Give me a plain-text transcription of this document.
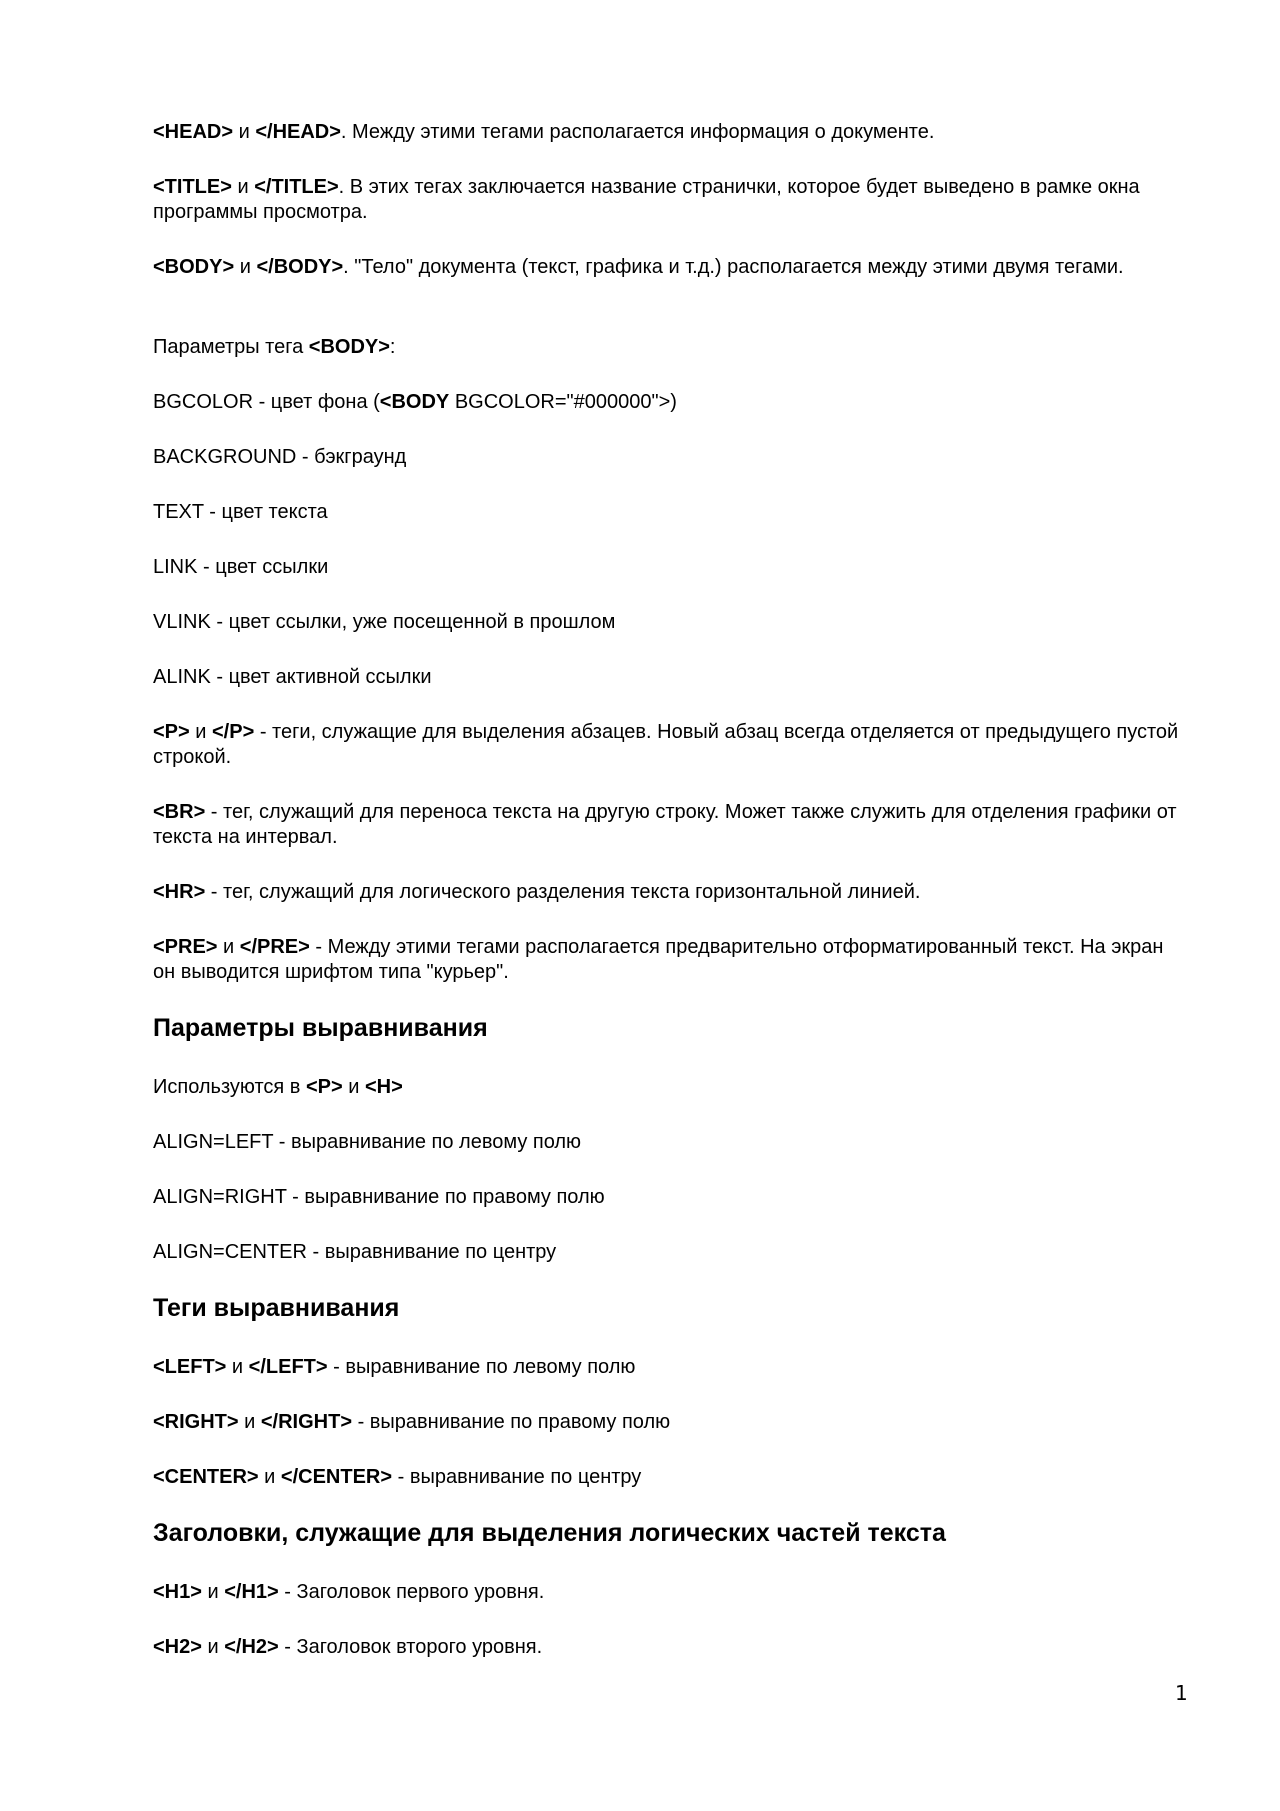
<HEAD> и </HEAD>. Между этими тегами располагается информация о документе.

<TITLE> и </TITLE>. В этих тегах заключается название странички, которое будет выведено в рамке окна программы просмотра.

<BODY> и </BODY>. "Тело" документа (текст, графика и т.д.) располагается между этими двумя тегами.

Параметры тега <BODY>:

BGCOLOR - цвет фона (<BODY BGCOLOR="#000000">)

BACKGROUND - бэкграунд

TEXT - цвет текста

LINK - цвет ссылки

VLINK - цвет ссылки, уже посещенной в прошлом

ALINK - цвет активной ссылки

<P> и </P> - теги, служащие для выделения абзацев. Новый абзац всегда отделяется от предыдущего пустой строкой.

<BR> - тег, служащий для переноса текста на другую строку. Может также служить для отделения графики от текста на интервал.

<HR> - тег, служащий для логического разделения текста горизонтальной линией.

<PRE> и </PRE> - Между этими тегами располагается предварительно отформатированный текст. На экран он выводится шрифтом типа "курьер".

Параметры выравнивания

Используются в <P> и <H>

ALIGN=LEFT - выравнивание по левому полю

ALIGN=RIGHT - выравнивание по правому полю

ALIGN=CENTER - выравнивание по центру

Теги выравнивания

<LEFT> и </LEFT> - выравнивание по левому полю

<RIGHT> и </RIGHT> - выравнивание по правому полю

<CENTER> и </CENTER> - выравнивание по центру

Заголовки, служащие для выделения логических частей текста

<H1> и </H1> - Заголовок первого уровня.

<H2> и </H2> - Заголовок второго уровня.

1
